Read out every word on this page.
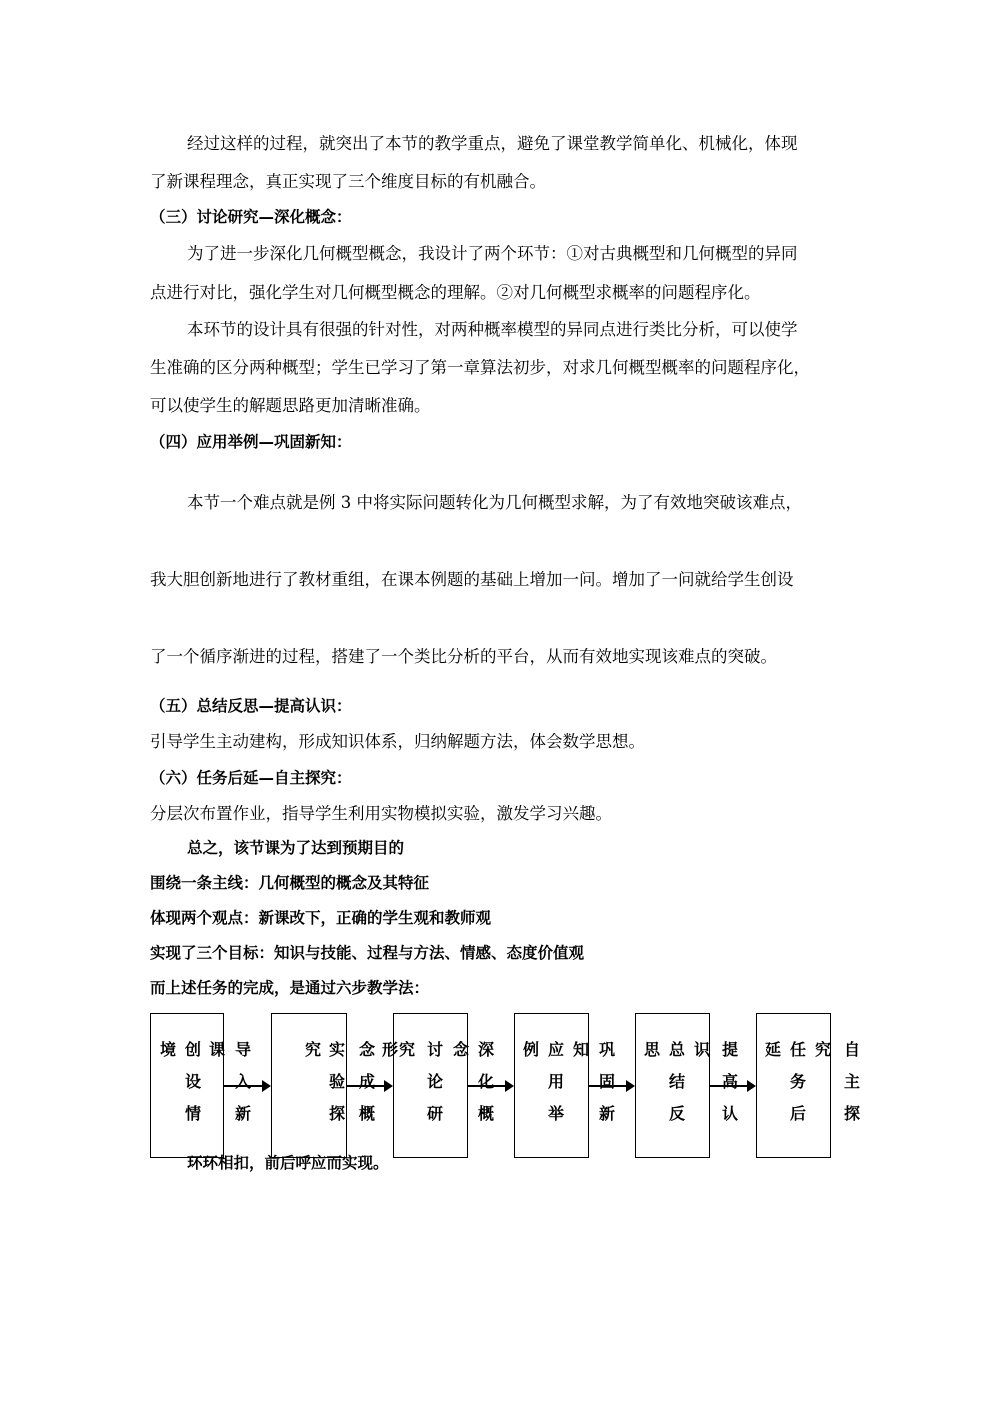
经过这样的过程，就突出了本节的教学重点，避免了课堂教学简单化、机械化，体现
了新课程理念，真正实现了三个维度目标的有机融合。
（三）讨论研究—深化概念：
为了进一步深化几何概型概念，我设计了两个环节：①对古典概型和几何概型的异同
点进行对比，强化学生对几何概型概念的理解。②对几何概型求概率的问题程序化。
本环节的设计具有很强的针对性，对两种概率模型的异同点进行类比分析，可以使学
生准确的区分两种概型；学生已学习了第一章算法初步，对求几何概型概率的问题程序化，
可以使学生的解题思路更加清晰准确。
（四）应用举例—巩固新知：
本节一个难点就是例 3 中将实际问题转化为几何概型求解，为了有效地突破该难点，
我大胆创新地进行了教材重组，在课本例题的基础上增加一问。增加了一问就给学生创设
了一个循序渐进的过程，搭建了一个类比分析的平台，从而有效地实现该难点的突破。
（五）总结反思—提高认识：
引导学生主动建构，形成知识体系，归纳解题方法，体会数学思想。
（六）任务后延—自主探究：
分层次布置作业，指导学生利用实物模拟实验，激发学习兴趣。
总之，该节课为了达到预期目的
围绕一条主线：几何概型的概念及其特征
体现两个观点：新课改下，正确的学生观和教师观
实现了三个目标：知识与技能、过程与方法、情感、态度价值观
而上述任务的完成，是通过六步教学法：
环环相扣，前后呼应而实现。
境 创
设
情
课 导
入
新
究 实
验
探
念
成
概
形 究 讨
论
研
念 深
化
概
例 应
用
举
知 巩
固
新
思 总
结
反
识 提
高
认
延 任
务
后
究 自
主
探
